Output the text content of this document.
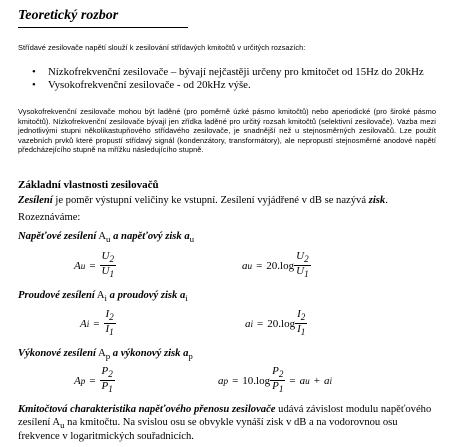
Teoretický rozbor
Střídavé zesilovače napětí slouží k zesilování střídavých kmitočtů v určitých rozsazích:
• Nízkofrekvenční zesilovače – bývají nejčastěji určeny pro kmitočet od 15Hz do 20kHz
• Vysokofrekvenční zesilovače - od 20kHz výše.
Vysokofrekvenční zesilovače mohou být laděné (pro poměrně úzké pásmo kmitočtů) nebo aperiodické (pro široké pásmo kmitočtů). Nízkofrekvenční zesilovače bývají jen zřídka laděné pro určitý rozsah kmitočtů (selektivní zesilovače). Vazba mezi jednotlivými stupni několikastupňového střídavého zesilovače, je snadnější než u stejnosměrných zesilovačů. Lze použít vazebních prvků které propustí střídavý signál (kondenzátory, transformátory), ale nepropustí stejnosměrné anodové napětí předcházejícího stupně na mřížku následujícího stupně.
Základní vlastnosti zesilovačů
Zesílení je poměr výstupní veličiny ke vstupní. Zesílení vyjádřené v dB se nazývá zisk.
Rozeznáváme:
Napěťové zesílení $A_u$ a napěťový zisk $a_u$
A $u = \frac{U_2}{U_1}$	a $u = 20.\log \frac{U_2}{U_1}$
Proudové zesílení $A_i$ a proudový zisk $a_i$
A $i = \frac{I_2}{I_1}$	a $i = 20.\log \frac{I_2}{I_1}$
Výkonové zesílení $A_p$ a výkonový zisk $a_p$
A $p = \frac{P_2}{P_1}$	a $p = 10.\log \frac{P_2}{P_1} = a$ u + a i
Kmitočtová charakteristika napěťového přenosu zesilovače udává závislost modulu napěťového zesílení $A_u$ na kmitočtu. Na svislou osu se obvykle vynáší zisk v dB a na vodorovnou osu frekvence v logaritmických souřadnicích.
